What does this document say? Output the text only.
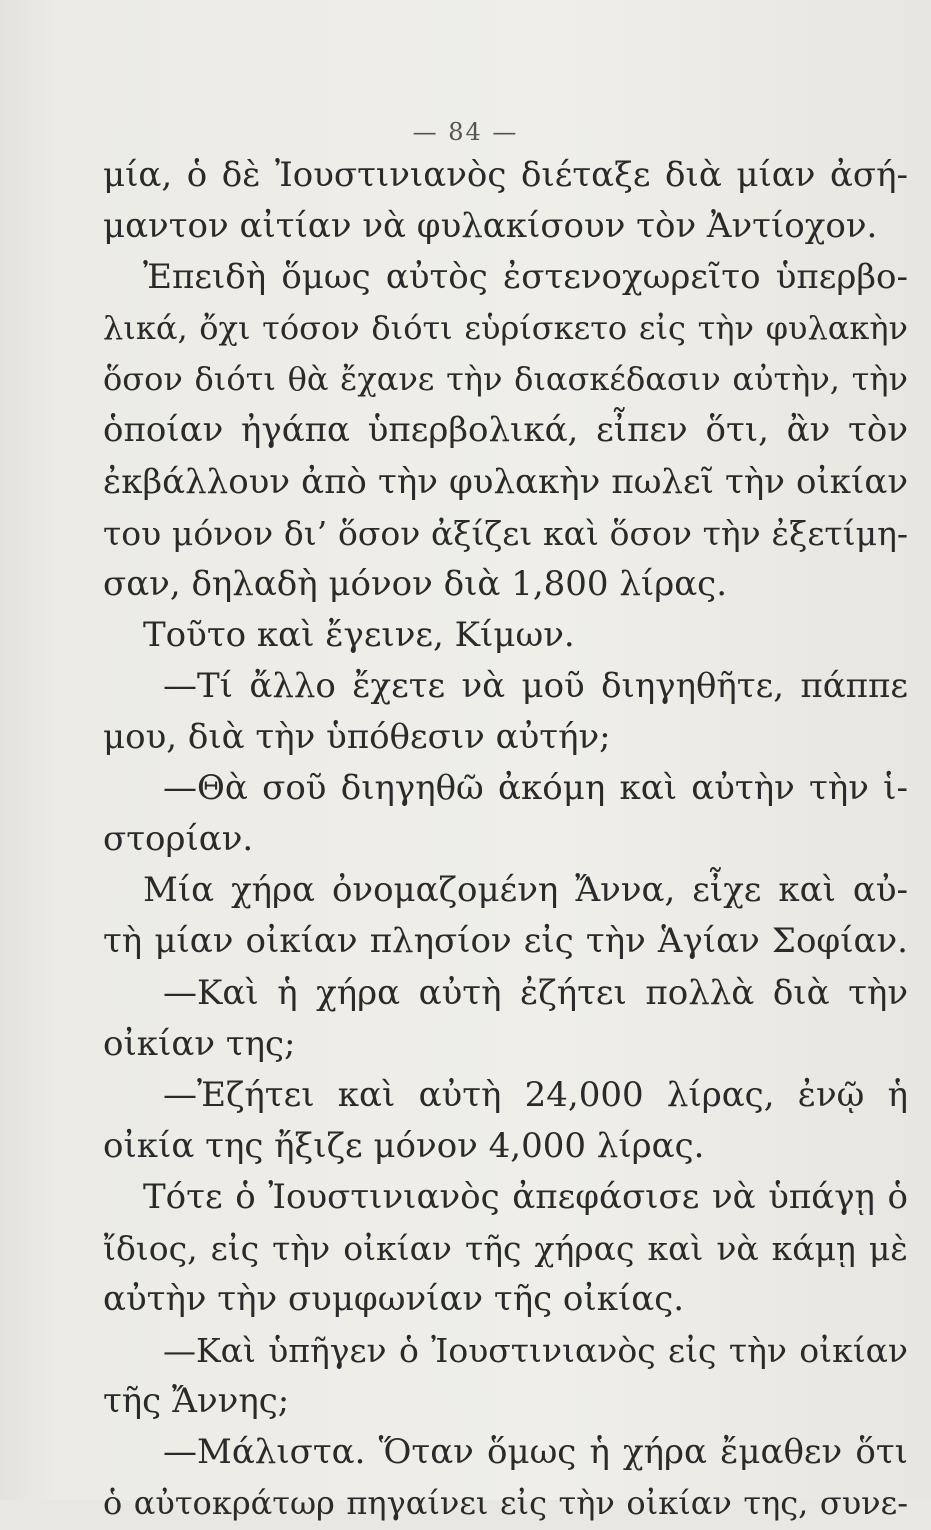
— 84 —
μία, ὁ δὲ Ἰουστινιανὸς διέταξε διὰ μίαν ἀσή-
μαντον αἰτίαν νὰ φυλακίσουν τὸν Ἀντίοχον.
Ἐπειδὴ ὅμως αὐτὸς ἐστενοχωρεῖτο ὑπερβο-
λικά, ὄχι τόσον διότι εὑρίσκετο εἰς τὴν φυλακὴν
ὅσον διότι θὰ ἔχανε τὴν διασκέδασιν αὐτὴν, τὴν
ὁποίαν ἠγάπα ὑπερβολικά, εἶπεν ὅτι, ἂν τὸν
ἐκβάλλουν ἀπὸ τὴν φυλακὴν πωλεῖ τὴν οἰκίαν
του μόνον δι’ ὅσον ἀξίζει καὶ ὅσον τὴν ἐξετίμη-
σαν, δηλαδὴ μόνον διὰ 1,800 λίρας.
Τοῦτο καὶ ἔγεινε, Κίμων.
—Τί ἄλλο ἔχετε νὰ μοῦ διηγηθῆτε, πάππε
μου, διὰ τὴν ὑπόθεσιν αὐτήν;
—Θὰ σοῦ διηγηθῶ ἀκόμη καὶ αὐτὴν τὴν ἱ-
στορίαν.
Μία χήρα ὀνομαζομένη Ἄννα, εἶχε καὶ αὐ-
τὴ μίαν οἰκίαν πλησίον εἰς τὴν Ἁγίαν Σοφίαν.
—Καὶ ἡ χήρα αὐτὴ ἐζήτει πολλὰ διὰ τὴν
οἰκίαν της;
—Ἐζήτει καὶ αὐτὴ 24,000 λίρας, ἐνῷ ἡ
οἰκία της ἤξιζε μόνον 4,000 λίρας.
Τότε ὁ Ἰουστινιανὸς ἀπεφάσισε νὰ ὑπάγῃ ὁ
ἴδιος, εἰς τὴν οἰκίαν τῆς χήρας καὶ νὰ κάμῃ μὲ
αὐτὴν τὴν συμφωνίαν τῆς οἰκίας.
—Καὶ ὑπῆγεν ὁ Ἰουστινιανὸς εἰς τὴν οἰκίαν
τῆς Ἄννης;
—Μάλιστα. Ὅταν ὅμως ἡ χήρα ἔμαθεν ὅτι
ὁ αὐτοκράτωρ πηγαίνει εἰς τὴν οἰκίαν της, συνε-
